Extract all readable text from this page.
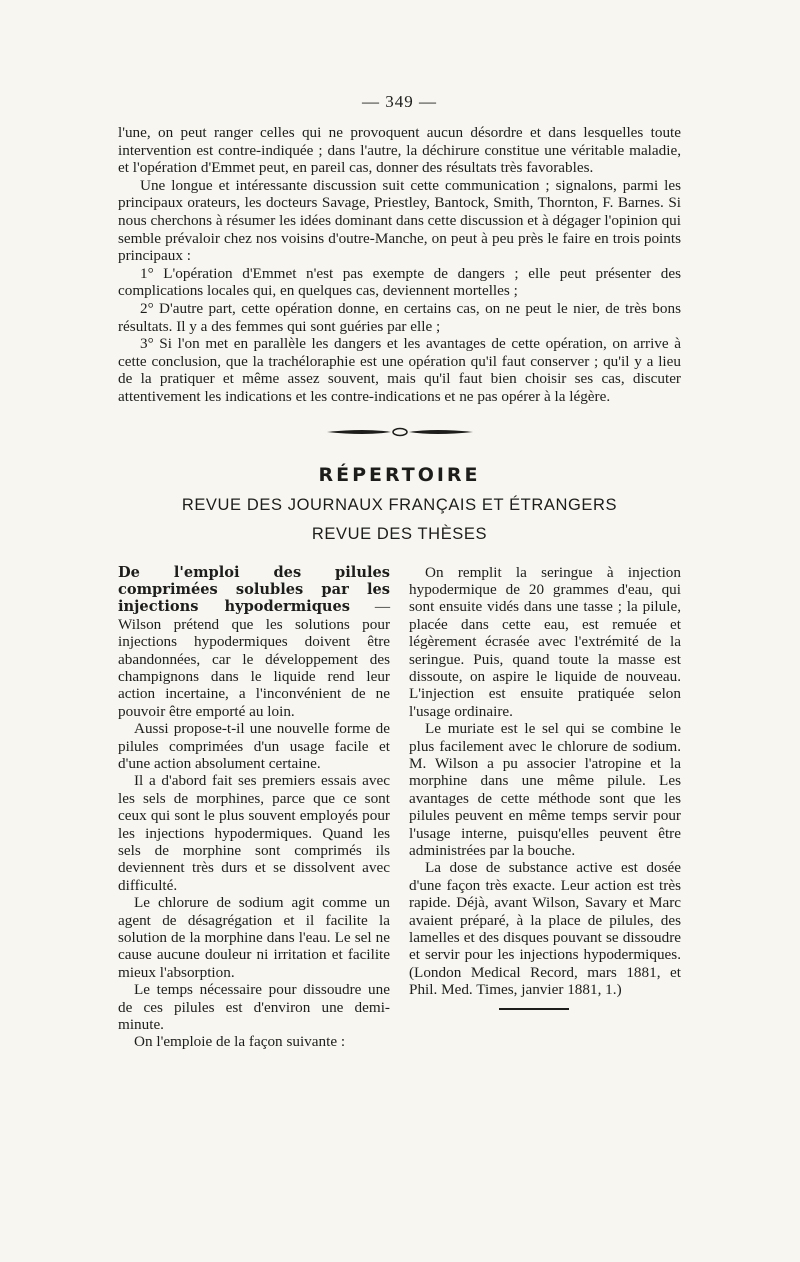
— 349 —

l'une, on peut ranger celles qui ne provoquent aucun désordre et dans lesquelles toute intervention est contre-indiquée ; dans l'autre, la déchirure constitue une véritable maladie, et l'opération d'Emmet peut, en pareil cas, donner des résultats très favorables.

Une longue et intéressante discussion suit cette communication ; signalons, parmi les principaux orateurs, les docteurs Savage, Priestley, Bantock, Smith, Thornton, F. Barnes. Si nous cherchons à résumer les idées dominant dans cette discussion et à dégager l'opinion qui semble prévaloir chez nos voisins d'outre-Manche, on peut à peu près le faire en trois points principaux :

1° L'opération d'Emmet n'est pas exempte de dangers ; elle peut présenter des complications locales qui, en quelques cas, deviennent mortelles ;

2° D'autre part, cette opération donne, en certains cas, on ne peut le nier, de très bons résultats. Il y a des femmes qui sont guéries par elle ;

3° Si l'on met en parallèle les dangers et les avantages de cette opération, on arrive à cette conclusion, que la trachéloraphie est une opération qu'il faut conserver ; qu'il y a lieu de la pratiquer et même assez souvent, mais qu'il faut bien choisir ses cas, discuter attentivement les indications et les contre-indications et ne pas opérer à la légère.

RÉPERTOIRE
REVUE DES JOURNAUX FRANÇAIS ET ÉTRANGERS
REVUE DES THÈSES

De l'emploi des pilules comprimées solubles par les injections hypodermiques — Wilson prétend que les solutions pour injections hypodermiques doivent être abandonnées, car le développement des champignons dans le liquide rend leur action incertaine, a l'inconvénient de ne pouvoir être emporté au loin.

Aussi propose-t-il une nouvelle forme de pilules comprimées d'un usage facile et d'une action absolument certaine.

Il a d'abord fait ses premiers essais avec les sels de morphines, parce que ce sont ceux qui sont le plus souvent employés pour les injections hypodermiques. Quand les sels de morphine sont comprimés ils deviennent très durs et se dissolvent avec difficulté.

Le chlorure de sodium agit comme un agent de désagrégation et il facilite la solution de la morphine dans l'eau. Le sel ne cause aucune douleur ni irritation et facilite mieux l'absorption.

Le temps nécessaire pour dissoudre une de ces pilules est d'environ une demi-minute.

On l'emploie de la façon suivante :

On remplit la seringue à injection hypodermique de 20 grammes d'eau, qui sont ensuite vidés dans une tasse ; la pilule, placée dans cette eau, est remuée et légèrement écrasée avec l'extrémité de la seringue. Puis, quand toute la masse est dissoute, on aspire le liquide de nouveau. L'injection est ensuite pratiquée selon l'usage ordinaire.

Le muriate est le sel qui se combine le plus facilement avec le chlorure de sodium. M. Wilson a pu associer l'atropine et la morphine dans une même pilule. Les avantages de cette méthode sont que les pilules peuvent en même temps servir pour l'usage interne, puisqu'elles peuvent être administrées par la bouche.

La dose de substance active est dosée d'une façon très exacte. Leur action est très rapide. Déjà, avant Wilson, Savary et Marc avaient préparé, à la place de pilules, des lamelles et des disques pouvant se dissoudre et servir pour les injections hypodermiques. (London Medical Record, mars 1881, et Phil. Med. Times, janvier 1881, 1.)
